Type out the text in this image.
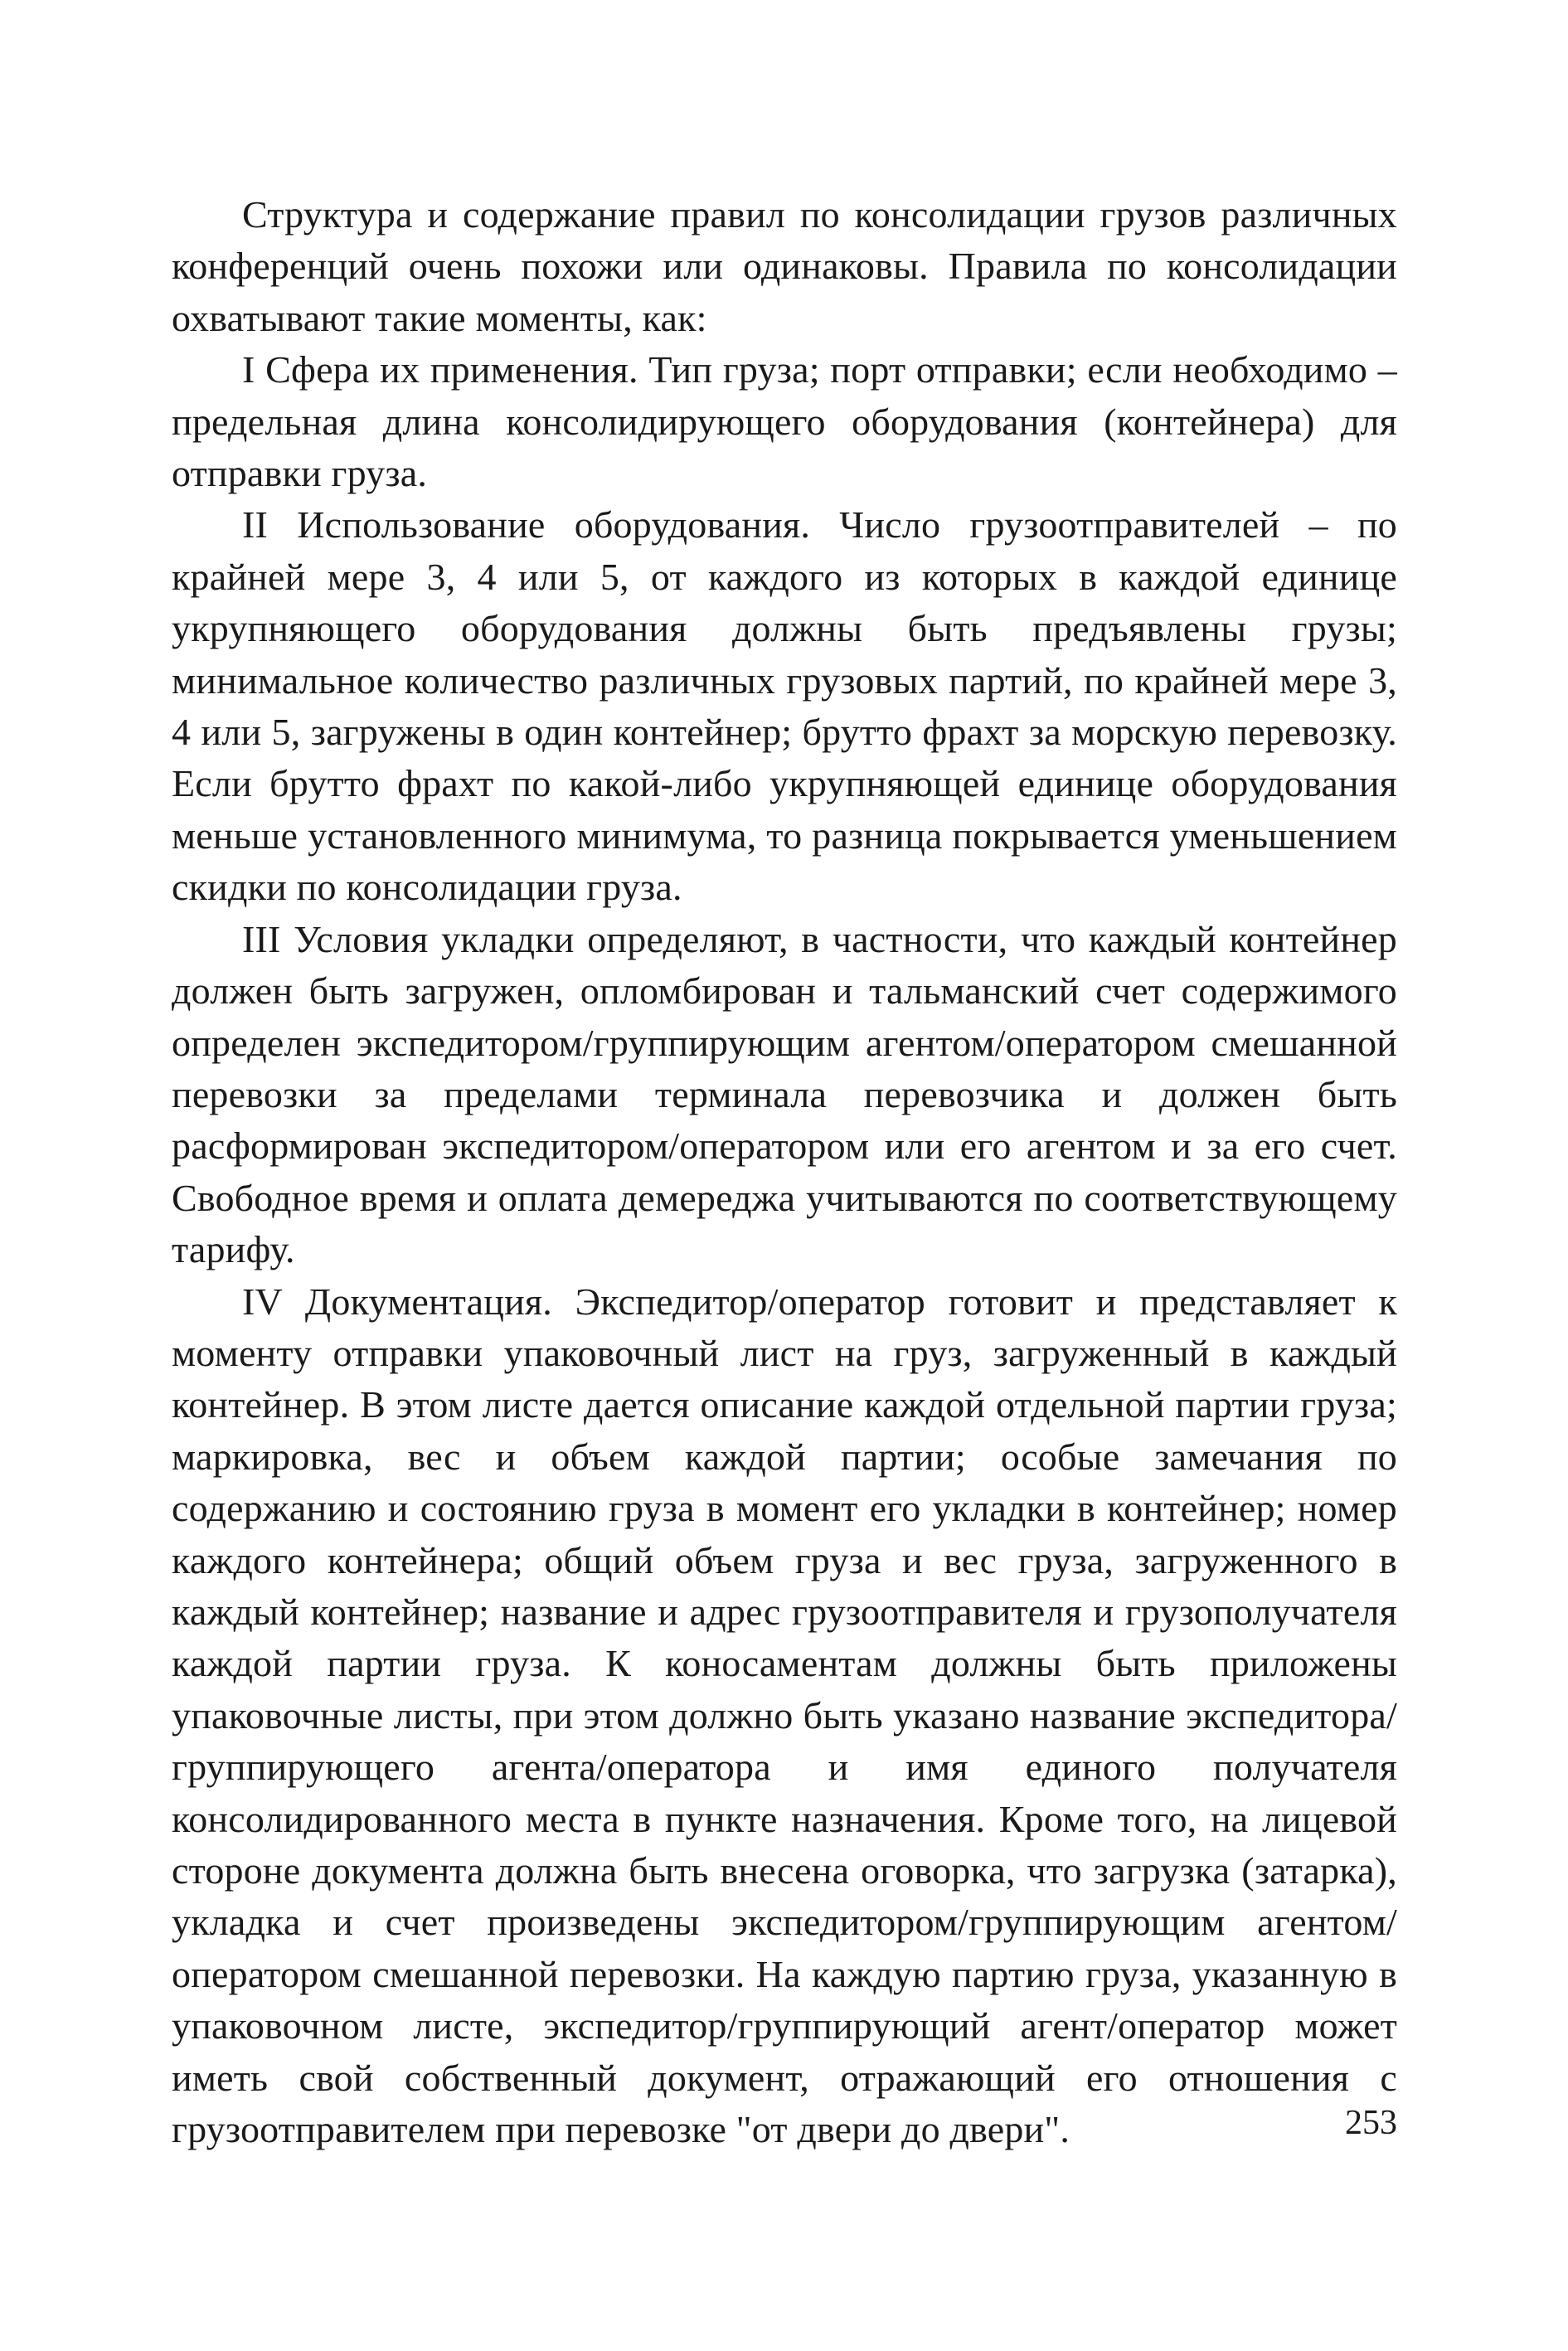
Структура и содержание правил по консолидации грузов различных конференций очень похожи или одинаковы. Правила по консолидации охватывают такие моменты, как:

I Сфера их применения. Тип груза; порт отправки; если необходимо – предельная длина консолидирующего оборудования (контейнера) для отправки груза.

II Использование оборудования. Число грузоотправителей – по крайней мере 3, 4 или 5, от каждого из которых в каждой единице укрупняющего оборудования должны быть предъявлены грузы; минимальное количество различных грузовых партий, по крайней мере 3, 4 или 5, загружены в один контейнер; брутто фрахт за морскую перевозку. Если брутто фрахт по какой-либо укрупняющей единице оборудования меньше установленного минимума, то разница покрывается уменьшением скидки по консолидации груза.

III Условия укладки определяют, в частности, что каждый контейнер должен быть загружен, опломбирован и тальманский счет содержимого определен экспедитором/группирующим агентом/оператором смешанной перевозки за пределами терминала перевозчика и должен быть расформирован экспедитором/оператором или его агентом и за его счет. Свободное время и оплата демереджа учитываются по соответствующему тарифу.

IV Документация. Экспедитор/оператор готовит и представляет к моменту отправки упаковочный лист на груз, загруженный в каждый контейнер. В этом листе дается описание каждой отдельной партии груза; маркировка, вес и объем каждой партии; особые замечания по содержанию и состоянию груза в момент его укладки в контейнер; номер каждого контейнера; общий объем груза и вес груза, загруженного в каждый контейнер; название и адрес грузоотправителя и грузополучателя каждой партии груза. К коносаментам должны быть приложены упаковочные листы, при этом должно быть указано название экспедитора/группирующего агента/оператора и имя единого получателя консолидированного места в пункте назначения. Кроме того, на лицевой стороне документа должна быть внесена оговорка, что загрузка (затарка), укладка и счет произведены экспедитором/группирующим агентом/оператором смешанной перевозки. На каждую партию груза, указанную в упаковочном листе, экспедитор/группирующий агент/оператор может иметь свой собственный документ, отражающий его отношения с грузоотправителем при перевозке "от двери до двери".	253
